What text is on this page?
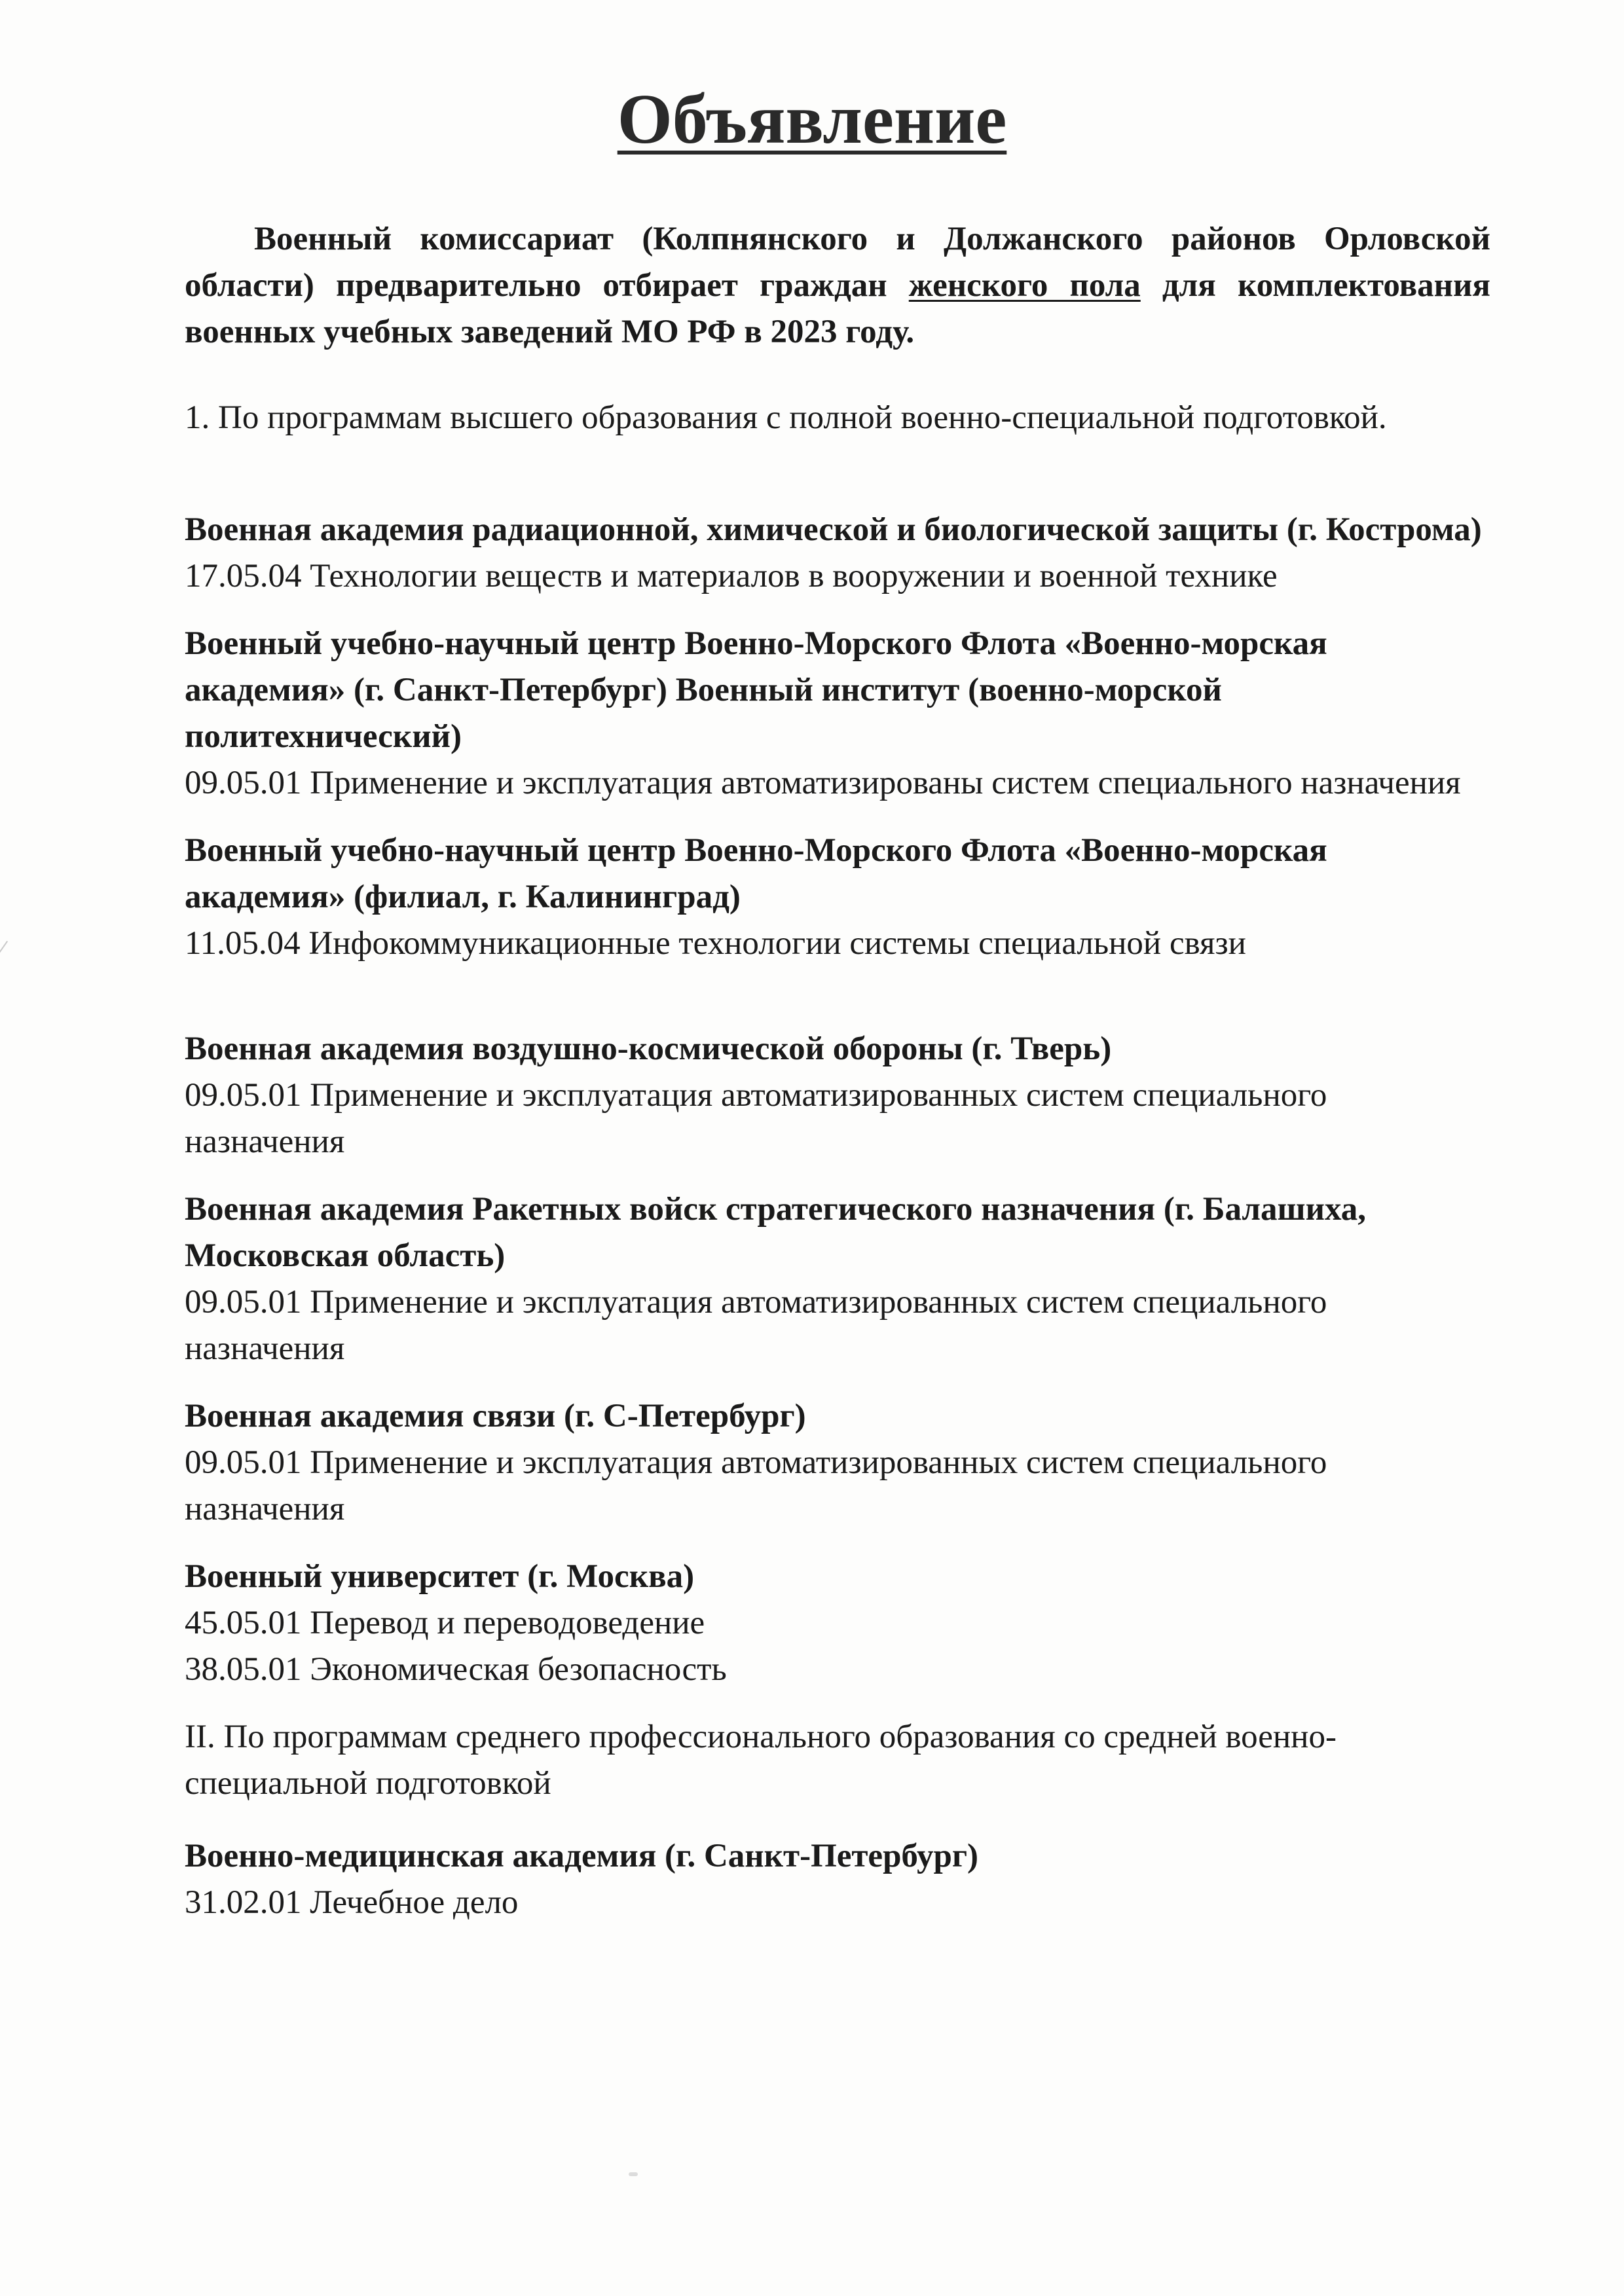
Объявление

Военный комиссариат (Колпнянского и Должанского районов Орловской области) предварительно отбирает граждан женского пола для комплектования военных учебных заведений МО РФ в 2023 году.

1. По программам высшего образования с полной военно-специальной подготовкой.
Военная академия радиационной, химической и биологической защиты (г. Кострома)
17.05.04 Технологии веществ и материалов в вооружении и военной технике
Военный учебно-научный центр Военно-Морского Флота «Военно-морская академия» (г. Санкт-Петербург) Военный институт (военно-морской политехнический)
09.05.01 Применение и эксплуатация автоматизированы систем специального назначения
Военный учебно-научный центр Военно-Морского Флота «Военно-морская академия» (филиал, г. Калининград)
11.05.04 Инфокоммуникационные технологии системы специальной связи
Военная академия воздушно-космической обороны (г. Тверь)
09.05.01 Применение и эксплуатация автоматизированных систем специального назначения
Военная академия Ракетных войск стратегического назначения (г. Балашиха, Московская область)
09.05.01 Применение и эксплуатация автоматизированных систем специального назначения
Военная академия связи (г. С-Петербург)
09.05.01 Применение и эксплуатация автоматизированных систем специального назначения
Военный университет (г. Москва)
45.05.01 Перевод и переводоведение
38.05.01 Экономическая безопасность
II. По программам среднего профессионального образования со средней военно-специальной подготовкой
Военно-медицинская академия (г. Санкт-Петербург)
31.02.01 Лечебное дело
